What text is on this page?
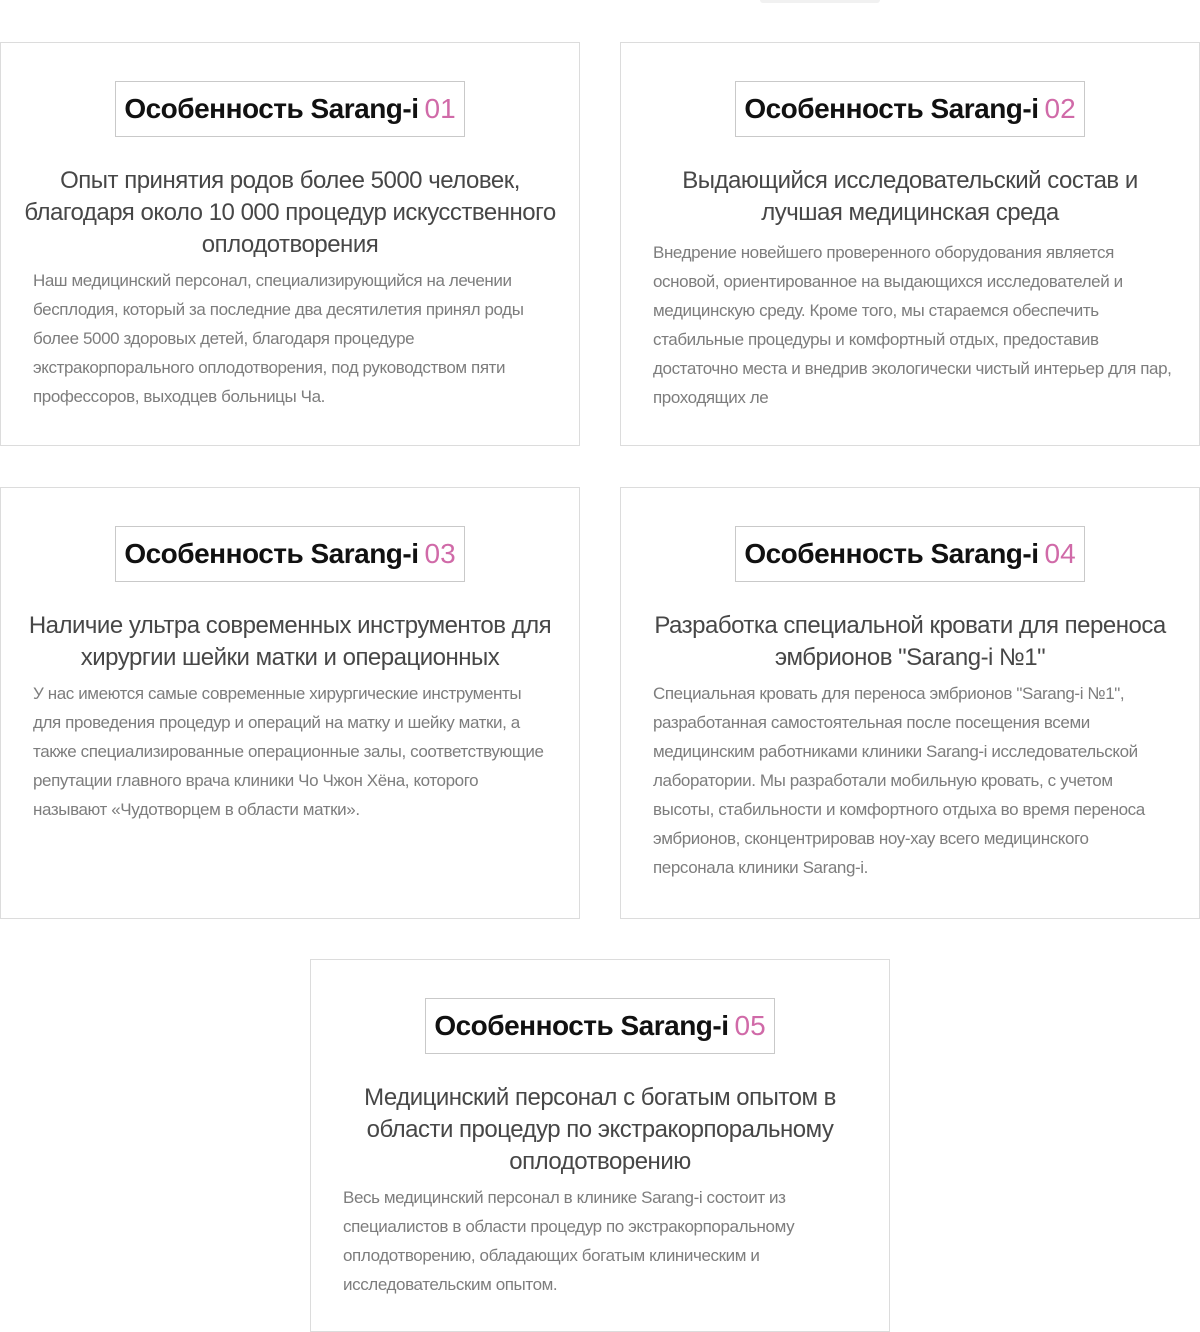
Особенность Sarang-i 01
Опыт принятия родов более 5000 человек, благодаря около 10 000 процедур искусственного оплодотворения

Наш медицинский персонал, специализирующийся на лечении бесплодия, который за последние два десятилетия принял роды более 5000 здоровых детей, благодаря процедуре экстракорпорального оплодотворения, под руководством пяти профессоров, выходцев больницы Ча.

Особенность Sarang-i 02
Выдающийся исследовательский состав и лучшая медицинская среда

Внедрение новейшего проверенного оборудования является основой, ориентированное на выдающихся исследователей и медицинскую среду. Кроме того, мы стараемся обеспечить стабильные процедуры и комфортный отдых, предоставив достаточно места и внедрив экологически чистый интерьер для пар, проходящих ле

Особенность Sarang-i 03
Наличие ультра современных инструментов для хирургии шейки матки и операционных

У нас имеются самые современные хирургические инструменты для проведения процедур и операций на матку и шейку матки, а также специализированные операционные залы, соответствующие репутации главного врача клиники Чо Чжон Хёна, которого называют «Чудотворцем в области матки».

Особенность Sarang-i 04
Разработка специальной кровати для переноса эмбрионов "Sarang-i №1"

Специальная кровать для переноса эмбрионов "Sarang-i №1", разработанная самостоятельная после посещения всеми медицинским работниками клиники Sarang-i исследовательской лаборатории. Мы разработали мобильную кровать, с учетом высоты, стабильности и комфортного отдыха во время переноса эмбрионов, сконцентрировав ноу-хау всего медицинского персонала клиники Sarang-i.

Особенность Sarang-i 05
Медицинский персонал с богатым опытом в области процедур по экстракорпоральному оплодотворению

Весь медицинский персонал в клинике Sarang-i состоит из специалистов в области процедур по экстракорпоральному оплодотворению, обладающих богатым клиническим и исследовательским опытом.
